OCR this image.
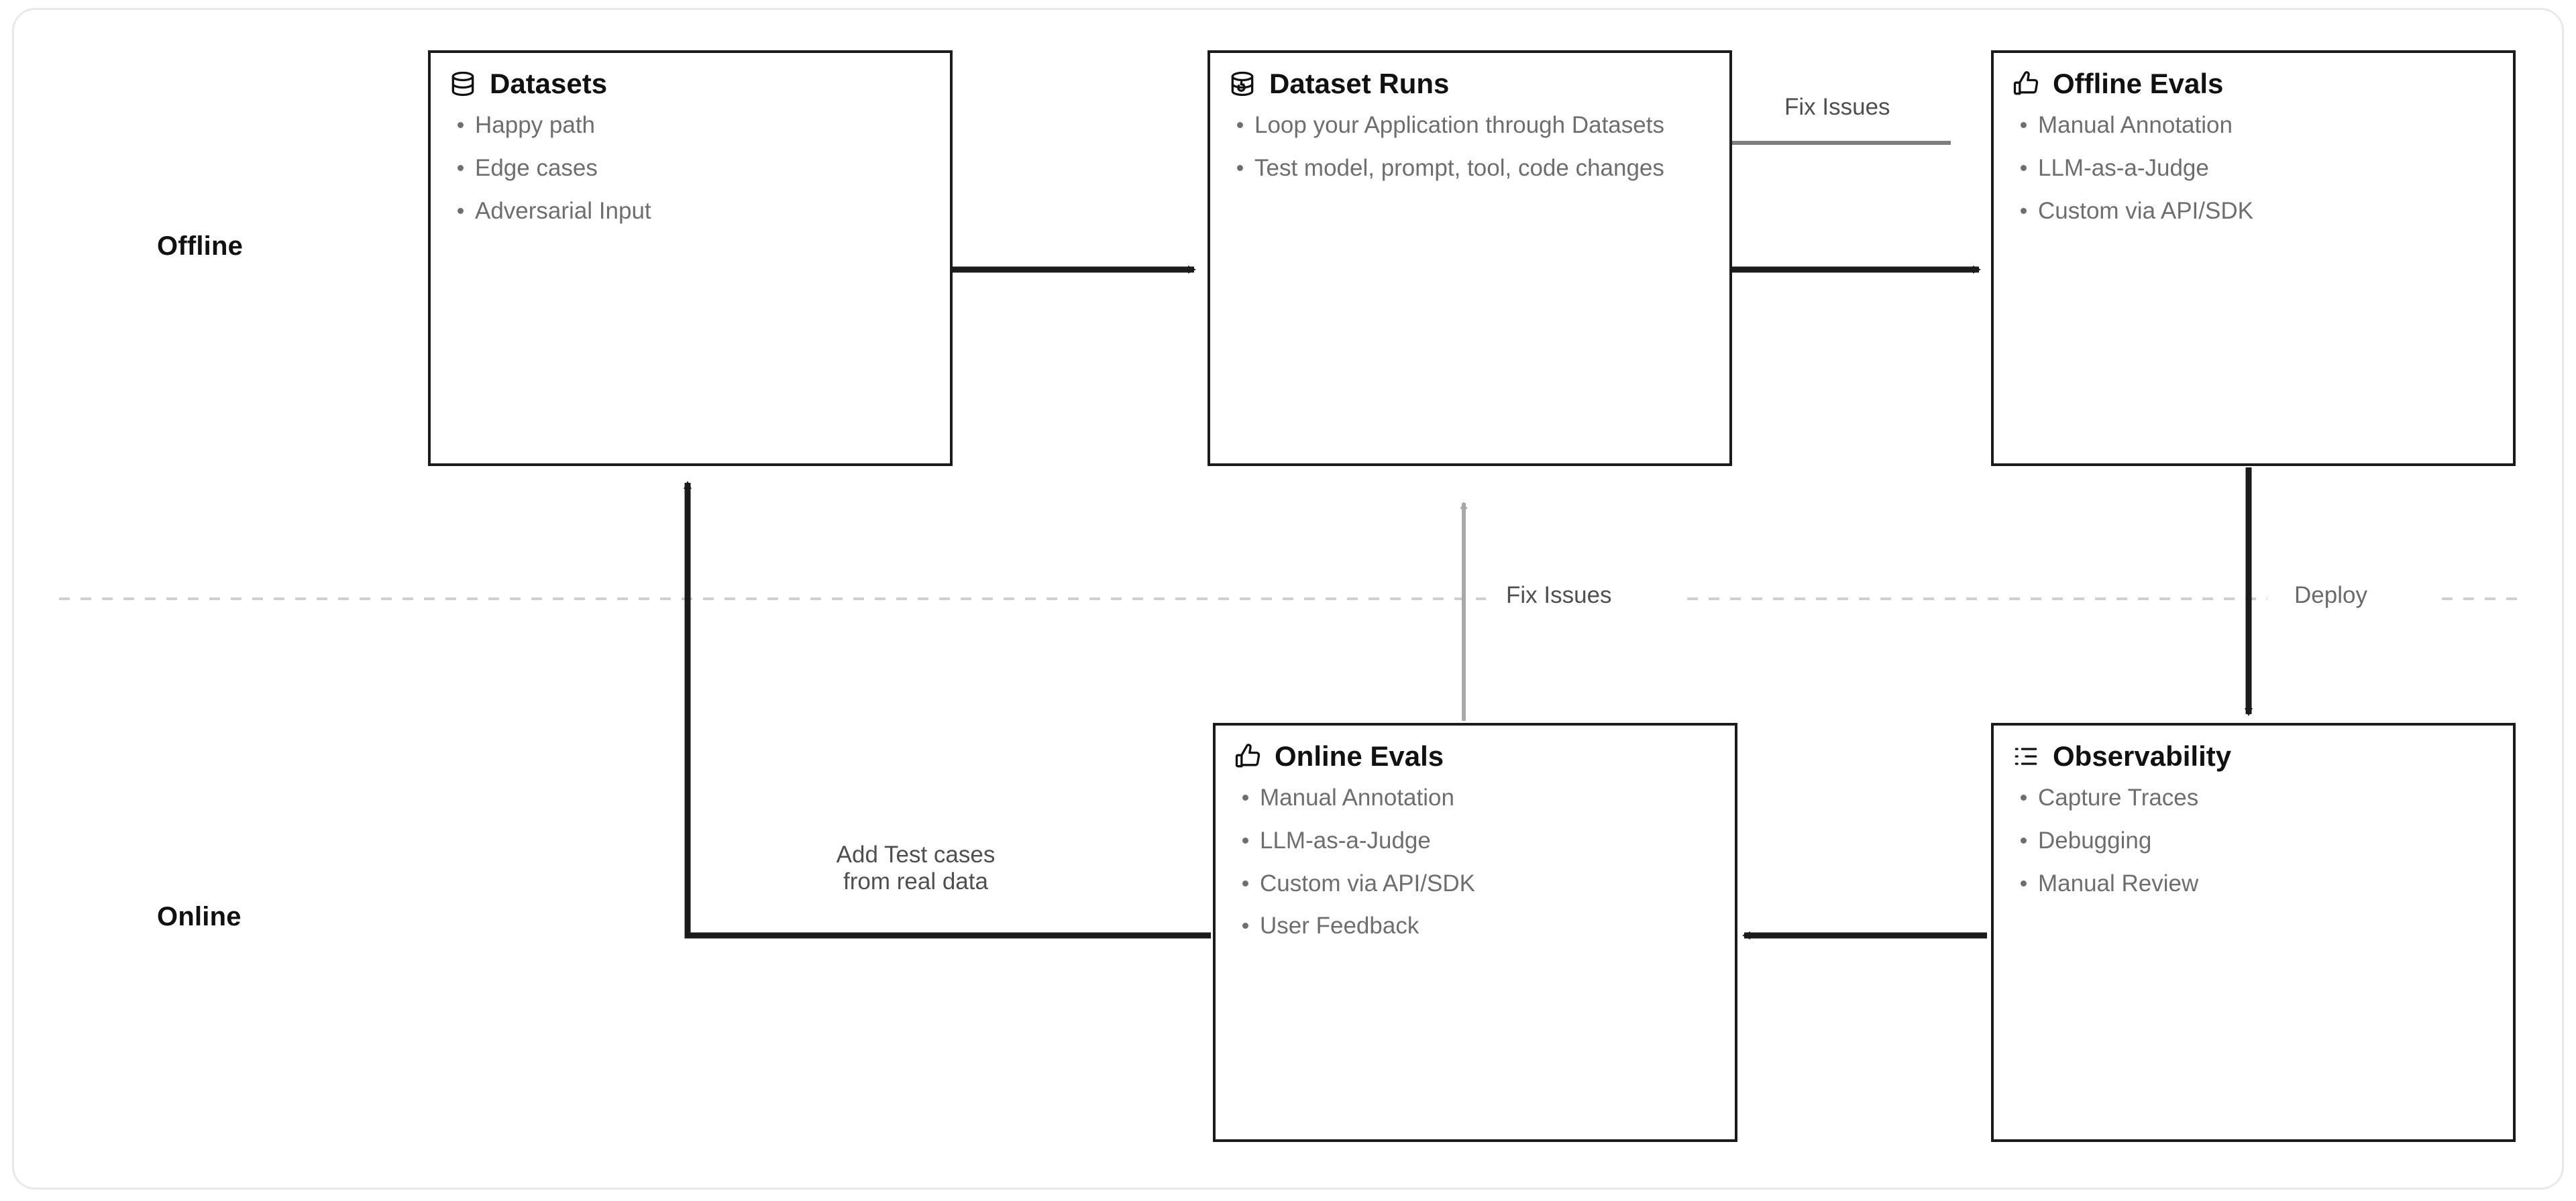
Offline
Online
Datasets
Happy path
Edge cases
Adversarial Input
Dataset Runs
Loop your Application through Datasets
Test model, prompt, tool, code changes
Offline Evals
Manual Annotation
LLM-as-a-Judge
Custom via API/SDK
Online Evals
Manual Annotation
LLM-as-a-Judge
Custom via API/SDK
User Feedback
Observability
Capture Traces
Debugging
Manual Review
Fix Issues
Fix Issues	Deploy
Add Test cases
from real data
